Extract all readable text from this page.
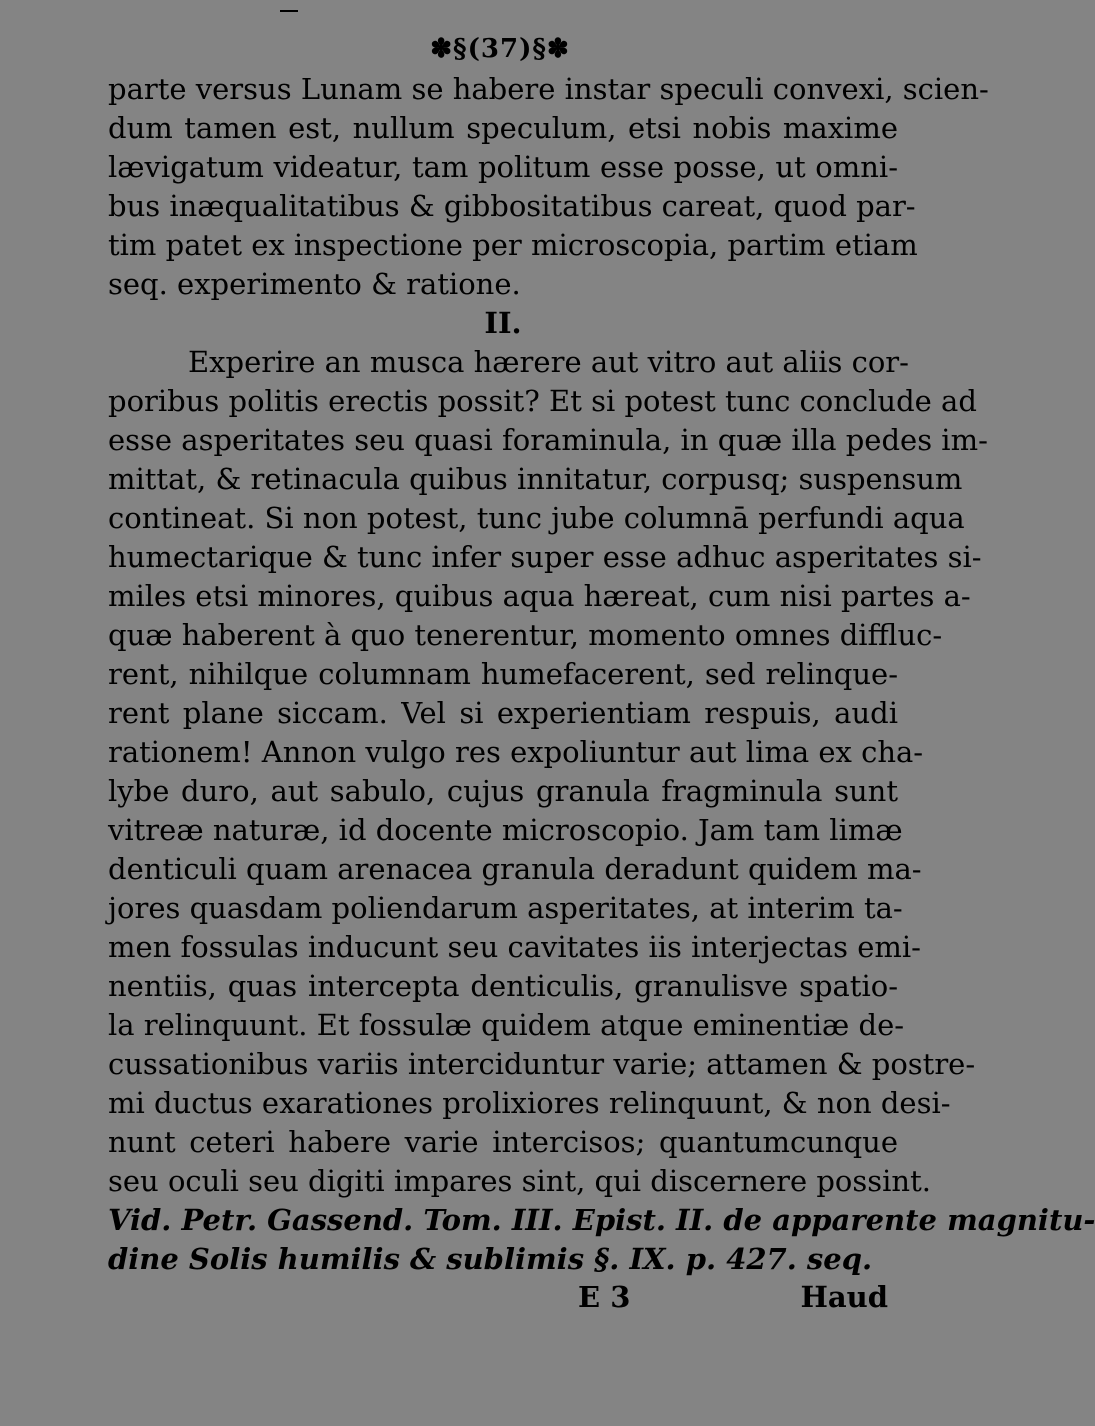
✽§(37)§✽
parte versus Lunam se habere instar speculi convexi, scien-
dum tamen est, nullum speculum, etsi nobis maxime
lævigatum videatur, tam politum esse posse, ut omni-
bus inæqualitatibus & gibbositatibus careat, quod par-
tim patet ex inspectione per microscopia, partim etiam
seq. experimento & ratione.
II.
Experire an musca hærere aut vitro aut aliis cor-
poribus politis erectis possit? Et si potest tunc conclude ad
esse asperitates seu quasi foraminula, in quæ illa pedes im-
mittat, & retinacula quibus innitatur, corpusq; suspensum
contineat. Si non potest, tunc jube columnā perfundi aqua
humectarique & tunc infer super esse adhuc asperitates si-
miles etsi minores, quibus aqua hæreat, cum nisi partes a-
quæ haberent à quo tenerentur, momento omnes diffluc-
rent, nihilque columnam humefacerent, sed relinque-
rent plane siccam. Vel si experientiam respuis, audi
rationem! Annon vulgo res expoliuntur aut lima ex cha-
lybe duro, aut sabulo, cujus granula fragminula sunt
vitreæ naturæ, id docente microscopio. Jam tam limæ
denticuli quam arenacea granula deradunt quidem ma-
jores quasdam poliendarum asperitates, at interim ta-
men fossulas inducunt seu cavitates iis interjectas emi-
nentiis, quas intercepta denticulis, granulisve spatio-
la relinquunt. Et fossulæ quidem atque eminentiæ de-
cussationibus variis interciduntur varie; attamen & postre-
mi ductus exarationes prolixiores relinquunt, & non desi-
nunt ceteri habere varie intercisos; quantumcunque
seu oculi seu digiti impares sint, qui discernere possint.
Vid. Petr. Gassend. Tom. III. Epist. II. de apparente magnitu-
dine Solis humilis & sublimis §. IX. p. 427. seq.
E 3	Haud
